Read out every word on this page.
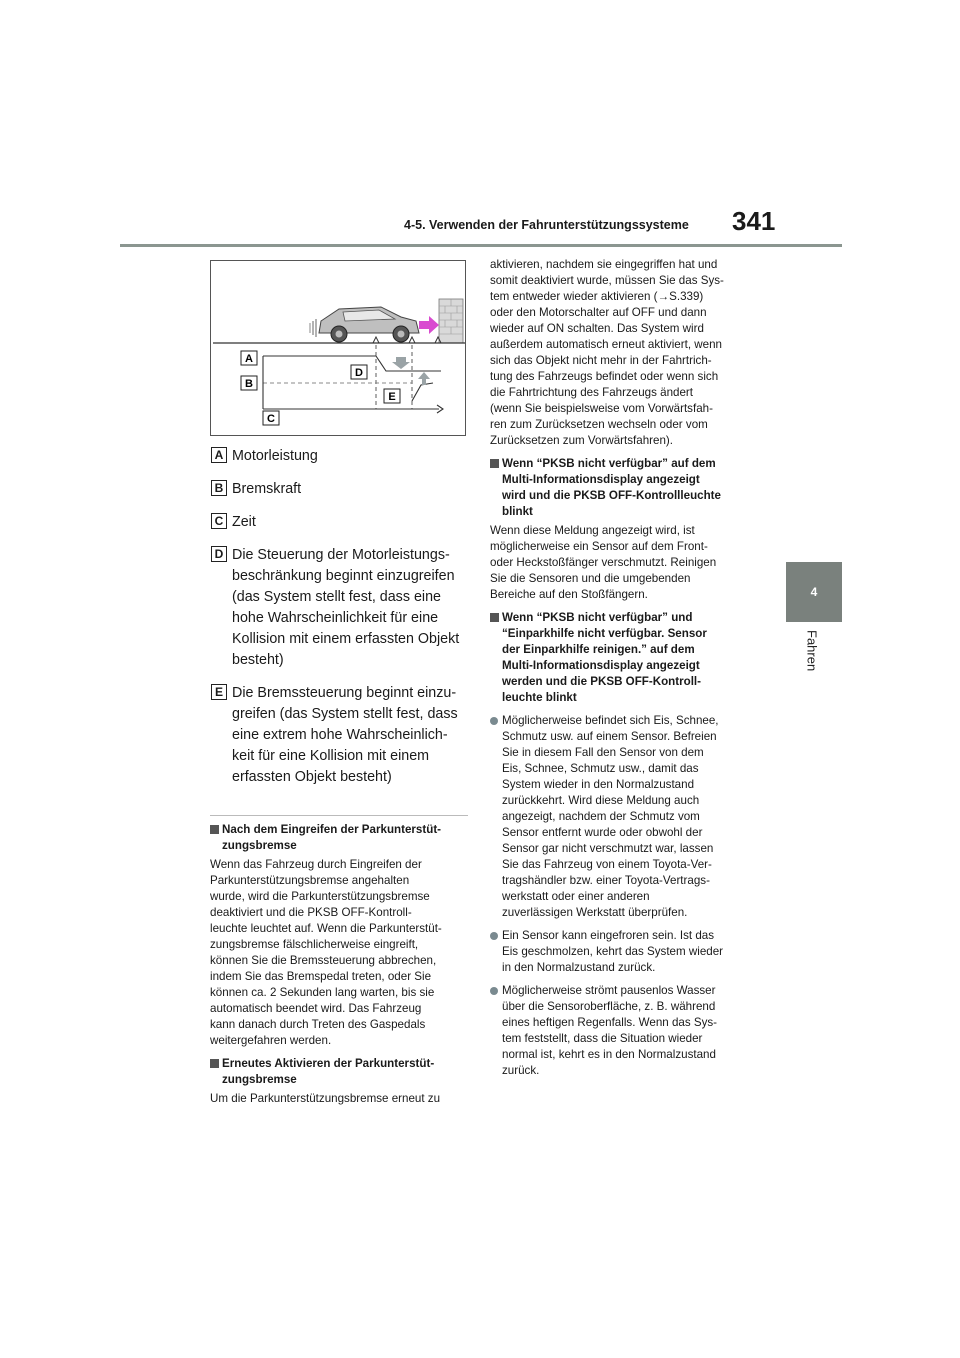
4-5. Verwenden der Fahrunterstützungssysteme 341
4
Fahren
A
B
C
D
E
A Motorleistung
B Bremskraft
C Zeit
D Die Steuerung der Motorleistungs-
beschränkung beginnt einzugreifen
(das System stellt fest, dass eine
hohe Wahrscheinlichkeit für eine
Kollision mit einem erfassten Objekt
besteht)
E Die Bremssteuerung beginnt einzu-
greifen (das System stellt fest, dass
eine extrem hohe Wahrscheinlich-
keit für eine Kollision mit einem
erfassten Objekt besteht)
Nach dem Eingreifen der Parkunterstüt-
zungsbremse
Wenn das Fahrzeug durch Eingreifen der
Parkunterstützungsbremse angehalten
wurde, wird die Parkunterstützungsbremse
deaktiviert und die PKSB OFF-Kontroll-
leuchte leuchtet auf. Wenn die Parkunterstüt-
zungsbremse fälschlicherweise eingreift,
können Sie die Bremssteuerung abbrechen,
indem Sie das Bremspedal treten, oder Sie
können ca. 2 Sekunden lang warten, bis sie
automatisch beendet wird. Das Fahrzeug
kann danach durch Treten des Gaspedals
weitergefahren werden.
Erneutes Aktivieren der Parkunterstüt-
zungsbremse
Um die Parkunterstützungsbremse erneut zu
aktivieren, nachdem sie eingegriffen hat und
somit deaktiviert wurde, müssen Sie das Sys-
tem entweder wieder aktivieren (→S.339)
oder den Motorschalter auf OFF und dann
wieder auf ON schalten. Das System wird
außerdem automatisch erneut aktiviert, wenn
sich das Objekt nicht mehr in der Fahrtrich-
tung des Fahrzeugs befindet oder wenn sich
die Fahrtrichtung des Fahrzeugs ändert
(wenn Sie beispielsweise vom Vorwärtsfah-
ren zum Zurücksetzen wechseln oder vom
Zurücksetzen zum Vorwärtsfahren).
Wenn “PKSB nicht verfügbar” auf dem
Multi-Informationsdisplay angezeigt
wird und die PKSB OFF-Kontrollleuchte
blinkt
Wenn diese Meldung angezeigt wird, ist
möglicherweise ein Sensor auf dem Front-
oder Heckstoßfänger verschmutzt. Reinigen
Sie die Sensoren und die umgebenden
Bereiche auf den Stoßfängern.
Wenn “PKSB nicht verfügbar” und
“Einparkhilfe nicht verfügbar. Sensor
der Einparkhilfe reinigen.” auf dem
Multi-Informationsdisplay angezeigt
werden und die PKSB OFF-Kontroll-
leuchte blinkt
Möglicherweise befindet sich Eis, Schnee,
Schmutz usw. auf einem Sensor. Befreien
Sie in diesem Fall den Sensor von dem
Eis, Schnee, Schmutz usw., damit das
System wieder in den Normalzustand
zurückkehrt. Wird diese Meldung auch
angezeigt, nachdem der Schmutz vom
Sensor entfernt wurde oder obwohl der
Sensor gar nicht verschmutzt war, lassen
Sie das Fahrzeug von einem Toyota-Ver-
tragshändler bzw. einer Toyota-Vertrags-
werkstatt oder einer anderen
zuverlässigen Werkstatt überprüfen.
Ein Sensor kann eingefroren sein. Ist das
Eis geschmolzen, kehrt das System wieder
in den Normalzustand zurück.
Möglicherweise strömt pausenlos Wasser
über die Sensoroberfläche, z. B. während
eines heftigen Regenfalls. Wenn das Sys-
tem feststellt, dass die Situation wieder
normal ist, kehrt es in den Normalzustand
zurück.
